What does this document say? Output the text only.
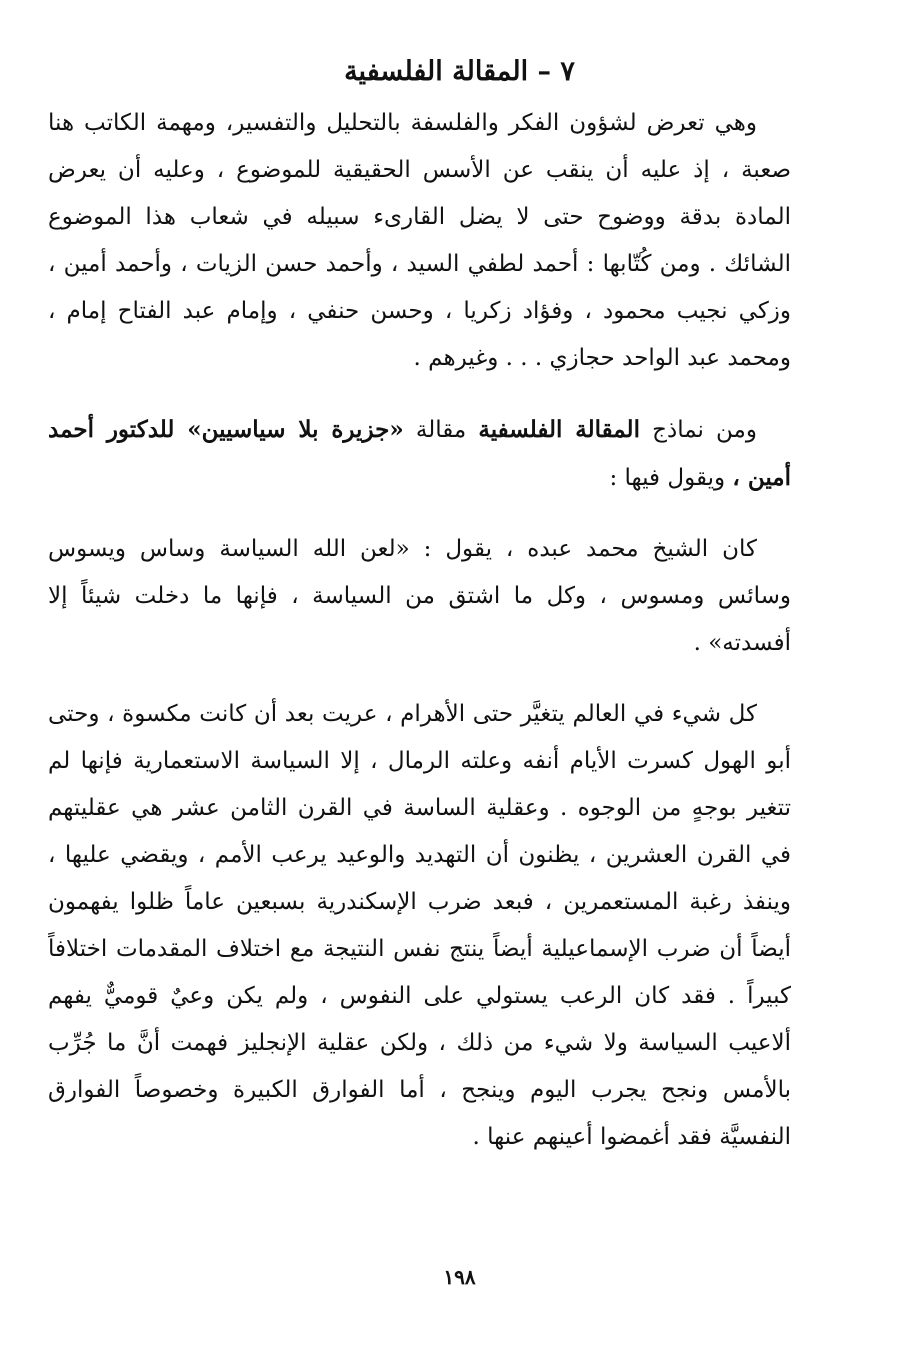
٧ – المقالة الفلسفية

وهي تعرض لشؤون الفكر والفلسفة بالتحليل والتفسير، ومهمة الكاتب هنا صعبة ، إذ عليه أن ينقب عن الأسس الحقيقية للموضوع ، وعليه أن يعرض المادة بدقة ووضوح حتى لا يضل القارىء سبيله في شعاب هذا الموضوع الشائك . ومن كُتّابها : أحمد لطفي السيد ، وأحمد حسن الزيات ، وأحمد أمين ، وزكي نجيب محمود ، وفؤاد زكريا ، وحسن حنفي ، وإمام عبد الفتاح إمام ، ومحمد عبد الواحد حجازي . . . وغيرهم .

ومن نماذج المقالة الفلسفية مقالة «جزيرة بلا سياسيين» للدكتور أحمد أمين ، ويقول فيها :

كان الشيخ محمد عبده ، يقول : «لعن الله السياسة وساس ويسوس وسائس ومسوس ، وكل ما اشتق من السياسة ، فإنها ما دخلت شيئاً إلا أفسدته» .

كل شيء في العالم يتغيَّر حتى الأهرام ، عريت بعد أن كانت مكسوة ، وحتى أبو الهول كسرت الأيام أنفه وعلته الرمال ، إلا السياسة الاستعمارية فإنها لم تتغير بوجهٍ من الوجوه . وعقلية الساسة في القرن الثامن عشر هي عقليتهم في القرن العشرين ، يظنون أن التهديد والوعيد يرعب الأمم ، ويقضي عليها ، وينفذ رغبة المستعمرين ، فبعد ضرب الإسكندرية بسبعين عاماً ظلوا يفهمون أيضاً أن ضرب الإسماعيلية أيضاً ينتج نفس النتيجة مع اختلاف المقدمات اختلافاً كبيراً . فقد كان الرعب يستولي على النفوس ، ولم يكن وعيٌ قوميٌّ يفهم ألاعيب السياسة ولا شيء من ذلك ، ولكن عقلية الإنجليز فهمت أنَّ ما جُرِّب بالأمس ونجح يجرب اليوم وينجح ، أما الفوارق الكبيرة وخصوصاً الفوارق النفسيَّة فقد أغمضوا أعينهم عنها .

١٩٨
